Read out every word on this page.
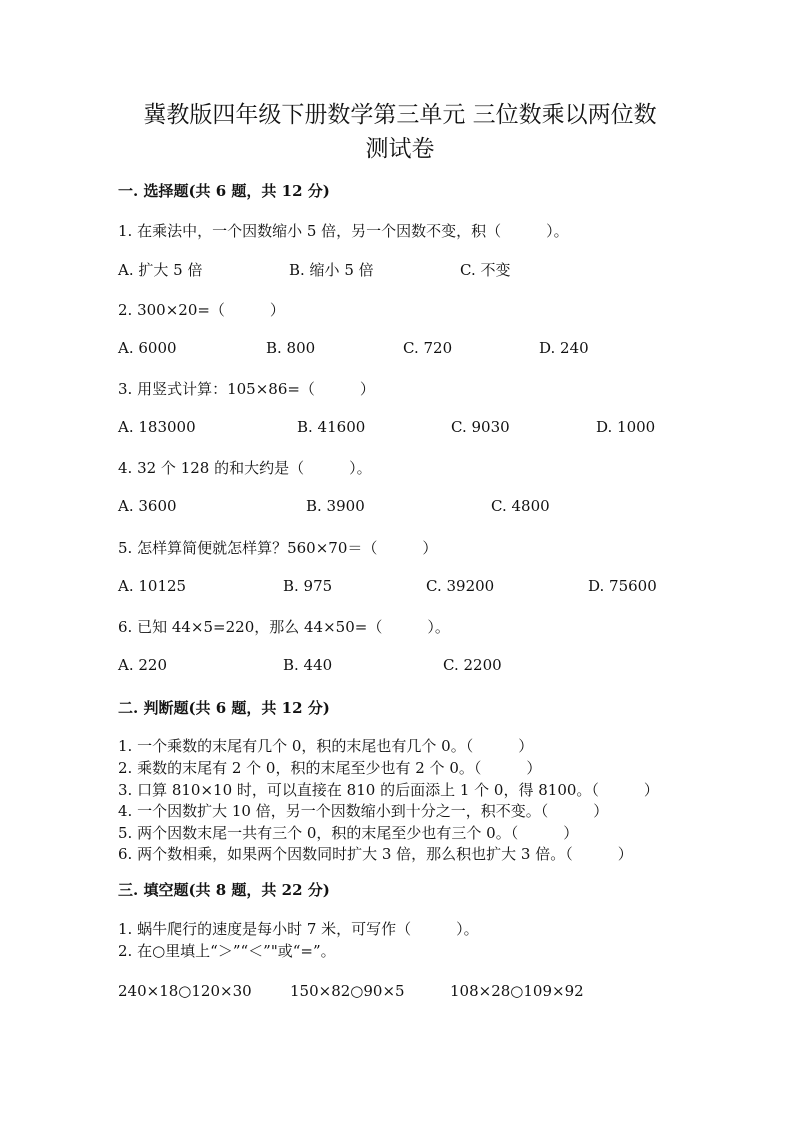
冀教版四年级下册数学第三单元 三位数乘以两位数
测试卷
一. 选择题(共 6 题，共 12 分)
1. 在乘法中，一个因数缩小 5 倍，另一个因数不变，积（　　　）。
A. 扩大 5 倍	B. 缩小 5 倍	C. 不变
2. 300×20=（　　　）
A. 6000	B. 800	C. 720	D. 240
3. 用竖式计算：105×86=（　　　）
A. 183000	B. 41600	C. 9030	D. 1000
4. 32 个 128 的和大约是（　　　）。
A. 3600	B. 3900	C. 4800
5. 怎样算简便就怎样算？560×70＝（　　　）
A. 10125	B. 975	C. 39200	D. 75600
6. 已知 44×5=220，那么 44×50=（　　　）。
A. 220	B. 440	C. 2200
二. 判断题(共 6 题，共 12 分)
1. 一个乘数的末尾有几个 0，积的末尾也有几个 0。（　　　）
2. 乘数的末尾有 2 个 0，积的末尾至少也有 2 个 0。（　　　）
3. 口算 810×10 时，可以直接在 810 的后面添上 1 个 0，得 8100。（　　　）
4. 一个因数扩大 10 倍，另一个因数缩小到十分之一，积不变。（　　　）
5. 两个因数末尾一共有三个 0，积的末尾至少也有三个 0。（　　　）
6. 两个数相乘，如果两个因数同时扩大 3 倍，那么积也扩大 3 倍。（　　　）
三. 填空题(共 8 题，共 22 分)
1. 蜗牛爬行的速度是每小时 7 米，可写作（　　　）。
2. 在○里填上“＞”“＜”"或“=”。
240×18○120×30	150×82○90×5	108×28○109×92
